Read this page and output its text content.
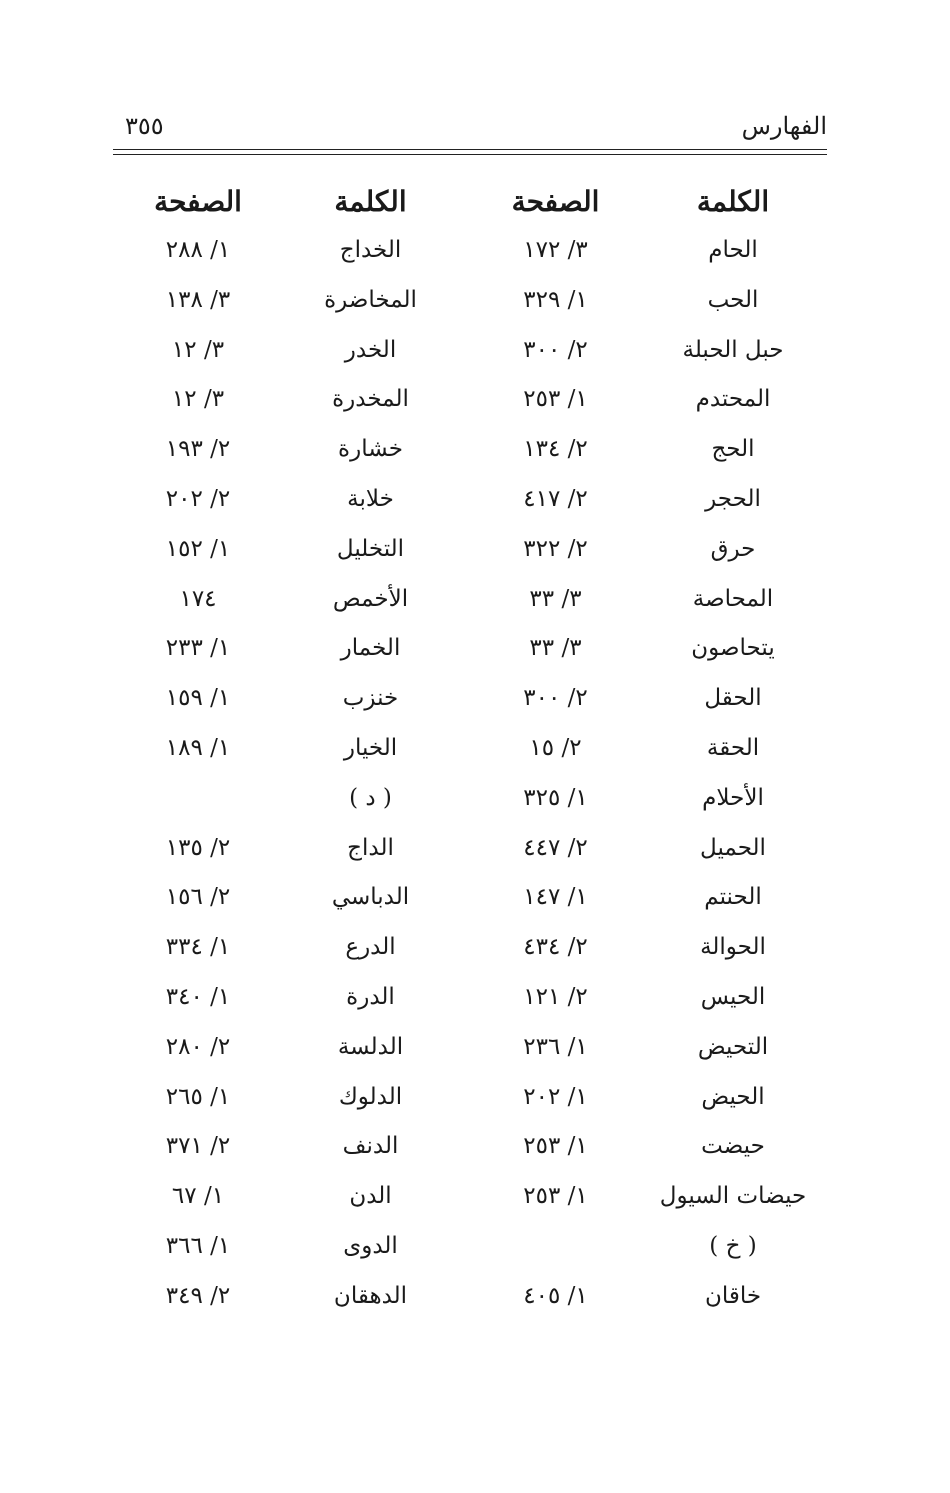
الفهارس
٣٥٥
الكلمة
الصفحة
الكلمة
الصفحة
الحام
٣/ ١٧٢
الخداج
١/ ٢٨٨
الحب
١/ ٣٢٩
المخاضرة
٣/ ١٣٨
حبل الحبلة
٢/ ٣٠٠
الخدر
٣/ ١٢
المحتدم
١/ ٢٥٣
المخدرة
٣/ ١٢
الحج
٢/ ١٣٤
خشارة
٢/ ١٩٣
الحجر
٢/ ٤١٧
خلابة
٢/ ٢٠٢
حرق
٢/ ٣٢٢
التخليل
١/ ١٥٢
المحاصة
٣/ ٣٣
الأخمص
١٧٤
يتحاصون
٣/ ٣٣
الخمار
١/ ٢٣٣
الحقل
٢/ ٣٠٠
خنزب
١/ ١٥٩
الحقة
٢/ ١٥
الخيار
١/ ١٨٩
الأحلام
١/ ٣٢٥
( د )
الحميل
٢/ ٤٤٧
الداج
٢/ ١٣٥
الحنتم
١/ ١٤٧
الدباسي
٢/ ١٥٦
الحوالة
٢/ ٤٣٤
الدرع
١/ ٣٣٤
الحيس
٢/ ١٢١
الدرة
١/ ٣٤٠
التحيض
١/ ٢٣٦
الدلسة
٢/ ٢٨٠
الحيض
١/ ٢٠٢
الدلوك
١/ ٢٦٥
حيضت
١/ ٢٥٣
الدنف
٢/ ٣٧١
حيضات السيول
١/ ٢٥٣
الدن
١/ ٦٧
( خ )
الدوى
١/ ٣٦٦
خاقان
١/ ٤٠٥
الدهقان
٢/ ٣٤٩
